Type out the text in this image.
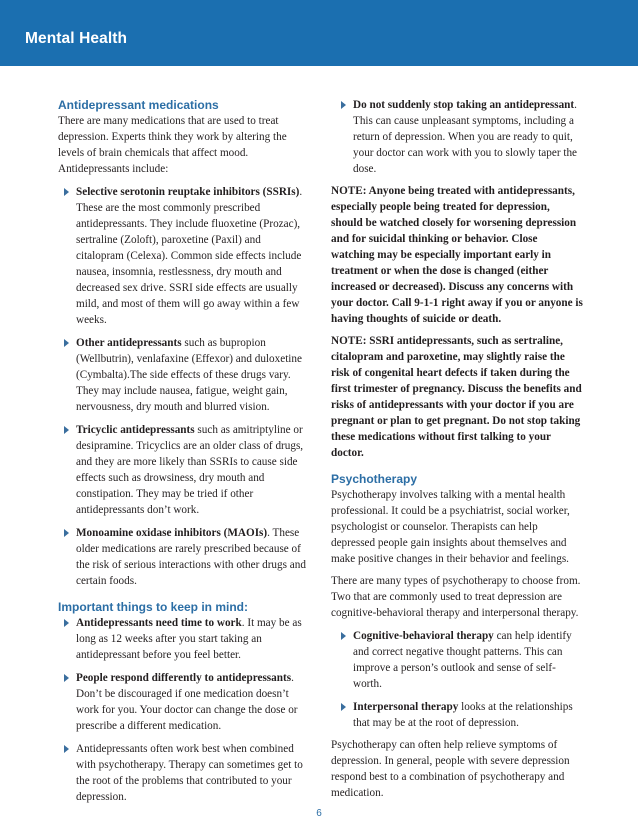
Mental Health
Antidepressant medications

There are many medications that are used to treat depression. Experts think they work by altering the levels of brain chemicals that affect mood. Antidepressants include:

Selective serotonin reuptake inhibitors (SSRIs). These are the most commonly prescribed antidepressants. They include fluoxetine (Prozac), sertraline (Zoloft), paroxetine (Paxil) and citalopram (Celexa). Common side effects include nausea, insomnia, restlessness, dry mouth and decreased sex drive. SSRI side effects are usually mild, and most of them will go away within a few weeks.
Other antidepressants such as bupropion (Wellbutrin), venlafaxine (Effexor) and duloxetine (Cymbalta).The side effects of these drugs vary. They may include nausea, fatigue, weight gain, nervousness, dry mouth and blurred vision.
Tricyclic antidepressants such as amitriptyline or desipramine. Tricyclics are an older class of drugs, and they are more likely than SSRIs to cause side effects such as drowsiness, dry mouth and constipation. They may be tried if other antidepressants don’t work.
Monoamine oxidase inhibitors (MAOIs). These older medications are rarely prescribed because of the risk of serious interactions with other drugs and certain foods.
Important things to keep in mind:
Antidepressants need time to work. It may be as long as 12 weeks after you start taking an antidepressant before you feel better.
People respond differently to antidepressants. Don’t be discouraged if one medication doesn’t work for you. Your doctor can change the dose or prescribe a different medication.
Antidepressants often work best when combined with psychotherapy. Therapy can sometimes get to the root of the problems that contributed to your depression.
Do not suddenly stop taking an antidepressant. This can cause unpleasant symptoms, including a return of depression. When you are ready to quit, your doctor can work with you to slowly taper the dose.

NOTE: Anyone being treated with antidepressants, especially people being treated for depression, should be watched closely for worsening depression and for suicidal thinking or behavior. Close watching may be especially important early in treatment or when the dose is changed (either increased or decreased). Discuss any concerns with your doctor. Call 9-1-1 right away if you or anyone is having thoughts of suicide or death.

NOTE: SSRI antidepressants, such as sertraline, citalopram and paroxetine, may slightly raise the risk of congenital heart defects if taken during the first trimester of pregnancy. Discuss the benefits and risks of antidepressants with your doctor if you are pregnant or plan to get pregnant. Do not stop taking these medications without first talking to your doctor.

Psychotherapy

Psychotherapy involves talking with a mental health professional. It could be a psychiatrist, social worker, psychologist or counselor. Therapists can help depressed people gain insights about themselves and make positive changes in their behavior and feelings.

There are many types of psychotherapy to choose from. Two that are commonly used to treat depression are cognitive-behavioral therapy and interpersonal therapy.

Cognitive-behavioral therapy can help identify and correct negative thought patterns. This can improve a person’s outlook and sense of self-worth.
Interpersonal therapy looks at the relationships that may be at the root of depression.

Psychotherapy can often help relieve symptoms of depression. In general, people with severe depression respond best to a combination of psychotherapy and medication.

6
